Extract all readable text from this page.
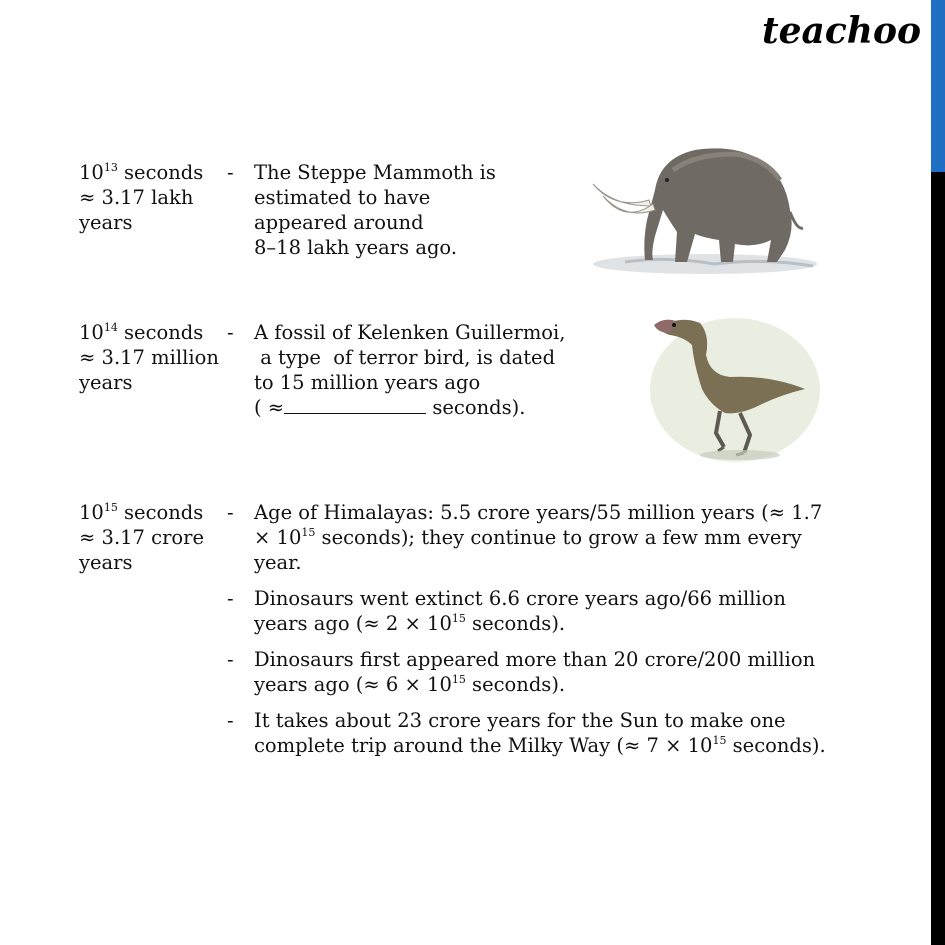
teachoo
$10^{13}$ seconds
≈ 3.17 lakh
years
- The Steppe Mammoth is
estimated to have
appeared around
8–18 lakh years ago.
$10^{14}$ seconds
≈ 3.17 million
years
- A fossil of Kelenken Guillermoi,
a type  of terror bird, is dated
to 15 million years ago
( ≈	seconds).
$10^{15}$ seconds
≈ 3.17 crore
years
- Age of Himalayas: 5.5 crore years/55 million years (≈ 1.7
× $10^{15}$ seconds); they continue to grow a few mm every
year.
- Dinosaurs went extinct 6.6 crore years ago/66 million
years ago (≈ $2 \times 10^{15}$ seconds).
- Dinosaurs first appeared more than 20 crore/200 million
years ago (≈ $6 \times 10^{15}$ seconds).
- It takes about 23 crore years for the Sun to make one
complete trip around the Milky Way (≈ $7 \times 10^{15}$ seconds).
